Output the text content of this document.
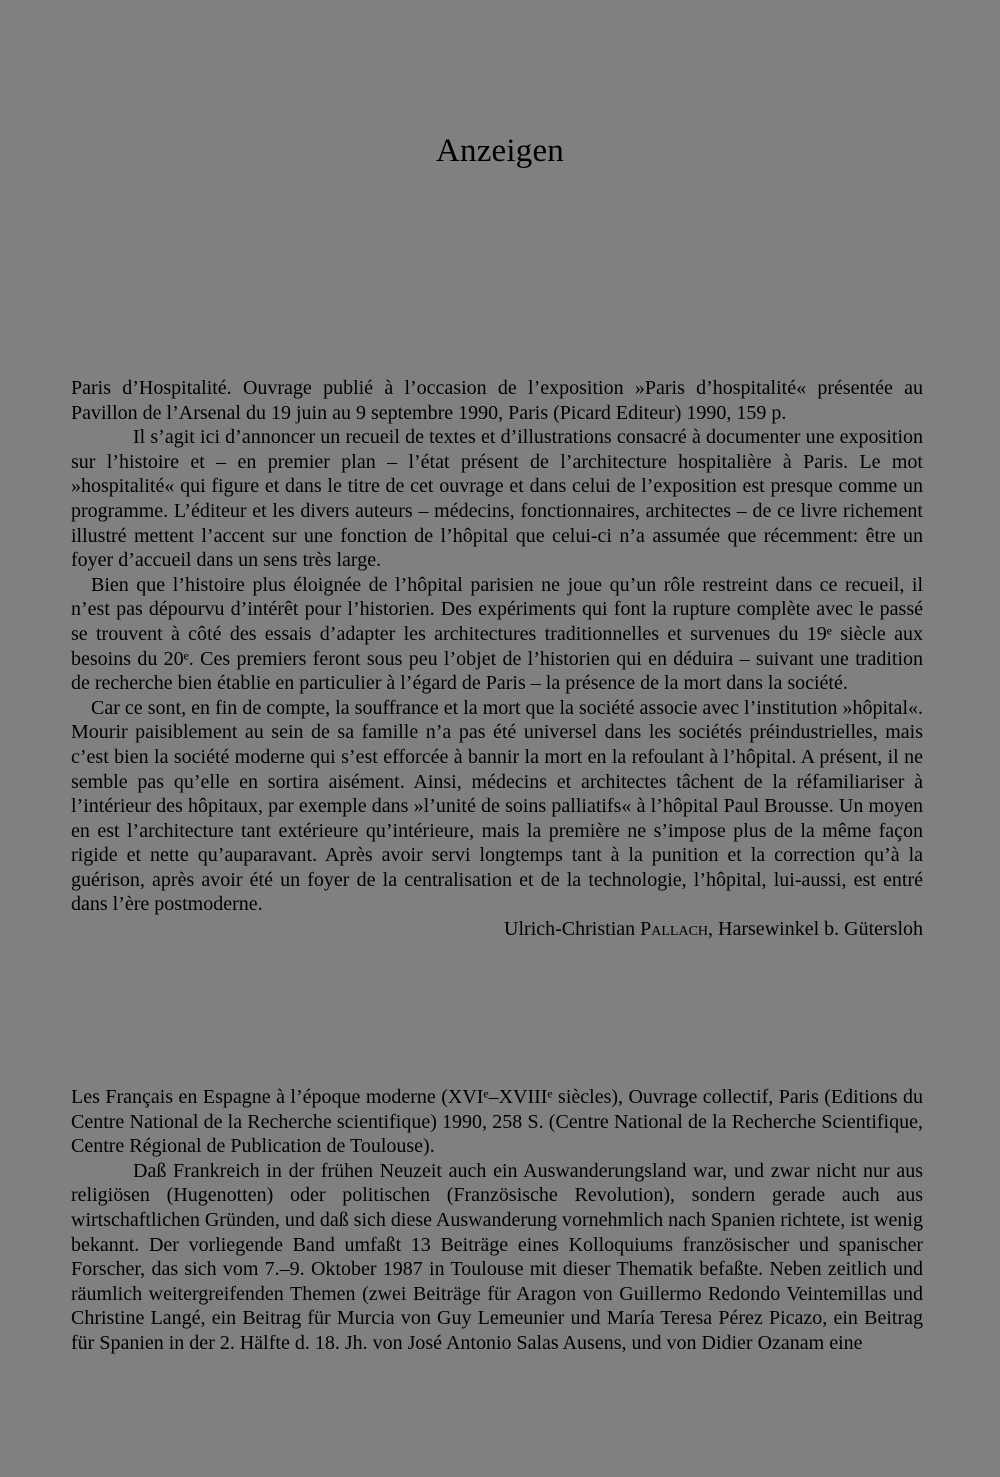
Anzeigen

Paris d’Hospitalité. Ouvrage publié à l’occasion de l’exposition »Paris d’hospitalité« présentée au Pavillon de l’Arsenal du 19 juin au 9 septembre 1990, Paris (Picard Editeur) 1990, 159 p.

Il s’agit ici d’annoncer un recueil de textes et d’illustrations consacré à documenter une exposition sur l’histoire et – en premier plan – l’état présent de l’architecture hospitalière à Paris. Le mot »hospitalité« qui figure et dans le titre de cet ouvrage et dans celui de l’exposition est presque comme un programme. L’éditeur et les divers auteurs – médecins, fonctionnaires, architectes – de ce livre richement illustré mettent l’accent sur une fonction de l’hôpital que celui-ci n’a assumée que récemment: être un foyer d’accueil dans un sens très large.

Bien que l’histoire plus éloignée de l’hôpital parisien ne joue qu’un rôle restreint dans ce recueil, il n’est pas dépourvu d’intérêt pour l’historien. Des expériments qui font la rupture complète avec le passé se trouvent à côté des essais d’adapter les architectures traditionnelles et survenues du 19ᵉ siècle aux besoins du 20ᵉ. Ces premiers feront sous peu l’objet de l’historien qui en déduira – suivant une tradition de recherche bien établie en particulier à l’égard de Paris – la présence de la mort dans la société.

Car ce sont, en fin de compte, la souffrance et la mort que la société associe avec l’institution »hôpital«. Mourir paisiblement au sein de sa famille n’a pas été universel dans les sociétés préindustrielles, mais c’est bien la société moderne qui s’est efforcée à bannir la mort en la refoulant à l’hôpital. A présent, il ne semble pas qu’elle en sortira aisément. Ainsi, médecins et architectes tâchent de la réfamiliariser à l’intérieur des hôpitaux, par exemple dans »l’unité de soins palliatifs« à l’hôpital Paul Brousse. Un moyen en est l’architecture tant extérieure qu’intérieure, mais la première ne s’impose plus de la même façon rigide et nette qu’auparavant. Après avoir servi longtemps tant à la punition et la correction qu’à la guérison, après avoir été un foyer de la centralisation et de la technologie, l’hôpital, lui-aussi, est entré dans l’ère postmoderne.

Ulrich-Christian Pallach, Harsewinkel b. Gütersloh

Les Français en Espagne à l’époque moderne (XVIᵉ–XVIIIᵉ siècles), Ouvrage collectif, Paris (Editions du Centre National de la Recherche scientifique) 1990, 258 S. (Centre National de la Recherche Scientifique, Centre Régional de Publication de Toulouse).

Daß Frankreich in der frühen Neuzeit auch ein Auswanderungsland war, und zwar nicht nur aus religiösen (Hugenotten) oder politischen (Französische Revolution), sondern gerade auch aus wirtschaftlichen Gründen, und daß sich diese Auswanderung vornehmlich nach Spanien richtete, ist wenig bekannt. Der vorliegende Band umfaßt 13 Beiträge eines Kolloquiums französischer und spanischer Forscher, das sich vom 7.–9. Oktober 1987 in Toulouse mit dieser Thematik befaßte. Neben zeitlich und räumlich weitergreifenden Themen (zwei Beiträge für Aragon von Guillermo Redondo Veintemillas und Christine Langé, ein Beitrag für Murcia von Guy Lemeunier und María Teresa Pérez Picazo, ein Beitrag für Spanien in der 2. Hälfte d. 18. Jh. von José Antonio Salas Ausens, und von Didier Ozanam eine
